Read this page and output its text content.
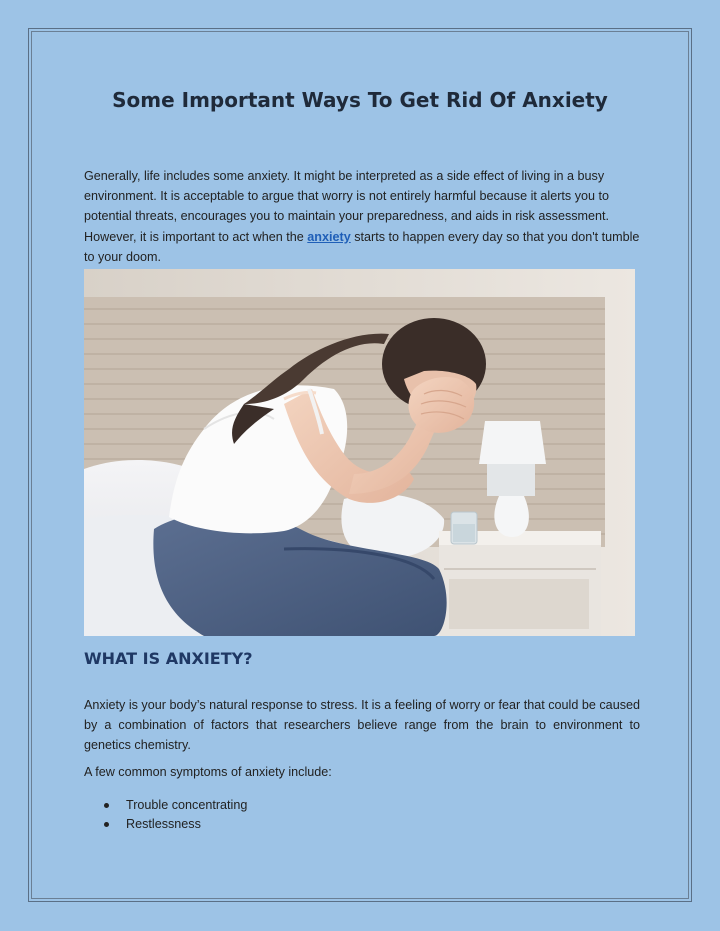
Some Important Ways To Get Rid Of Anxiety

Generally, life includes some anxiety. It might be interpreted as a side effect of living in a busy environment. It is acceptable to argue that worry is not entirely harmful because it alerts you to potential threats, encourages you to maintain your preparedness, and aids in risk assessment. However, it is important to act when the anxiety starts to happen every day so that you don't tumble to your doom.

WHAT IS ANXIETY?

Anxiety is your body’s natural response to stress. It is a feeling of worry or fear that could be caused by a combination of factors that researchers believe range from the brain to environment to genetics chemistry.

A few common symptoms of anxiety include:

Trouble concentrating
Restlessness
